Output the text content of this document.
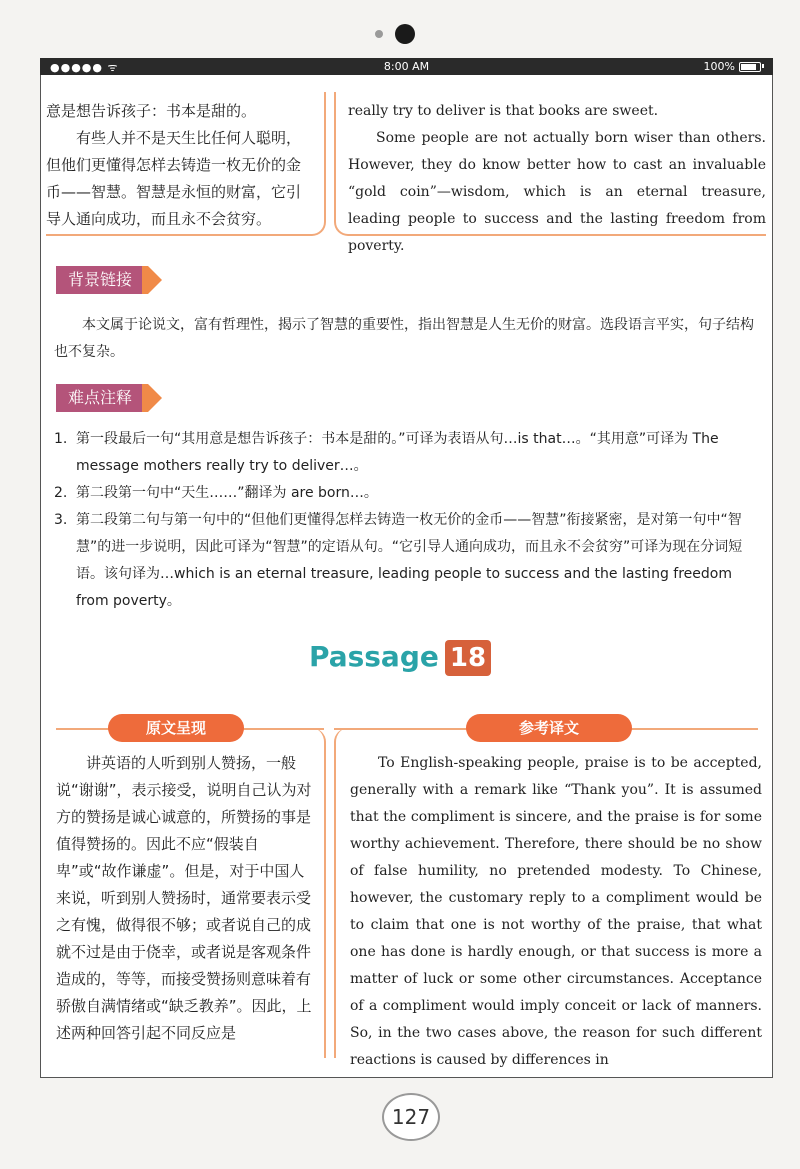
●●●●● ᯤ	8:00 AM	100%

意是想告诉孩子：书本是甜的。

有些人并不是天生比任何人聪明，但他们更懂得怎样去铸造一枚无价的金币——智慧。智慧是永恒的财富，它引导人通向成功，而且永不会贫穷。

really try to deliver is that books are sweet.

Some people are not actually born wiser than others. However, they do know better how to cast an invaluable “gold coin”—wisdom, which is an eternal treasure, leading people to success and the lasting freedom from poverty.

背景链接

本文属于论说文，富有哲理性，揭示了智慧的重要性，指出智慧是人生无价的财富。选段语言平实，句子结构也不复杂。

难点注释
1. 第一段最后一句“其用意是想告诉孩子：书本是甜的。”可译为表语从句…is that…。“其用意”可译为 The message mothers really try to deliver…。
2. 第二段第一句中“天生……”翻译为 are born…。
3. 第二段第二句与第一句中的“但他们更懂得怎样去铸造一枚无价的金币——智慧”衔接紧密，是对第一句中“智慧”的进一步说明，因此可译为“智慧”的定语从句。“它引导人通向成功，而且永不会贫穷”可译为现在分词短语。该句译为…which is an eternal treasure, leading people to success and the lasting freedom from poverty。
Passage 18
原文呈现	参考译文

讲英语的人听到别人赞扬，一般说“谢谢”，表示接受，说明自己认为对方的赞扬是诚心诚意的，所赞扬的事是值得赞扬的。因此不应“假装自卑”或“故作谦虚”。但是，对于中国人来说，听到别人赞扬时，通常要表示受之有愧，做得很不够；或者说自己的成就不过是由于侥幸，或者说是客观条件造成的，等等，而接受赞扬则意味着有骄傲自满情绪或“缺乏教养”。因此，上述两种回答引起不同反应是

To English-speaking people, praise is to be accepted, generally with a remark like “Thank you”. It is assumed that the compliment is sincere, and the praise is for some worthy achievement. Therefore, there should be no show of false humility, no pretended modesty. To Chinese, however, the customary reply to a compliment would be to claim that one is not worthy of the praise, that what one has done is hardly enough, or that success is more a matter of luck or some other circumstances. Acceptance of a compliment would imply conceit or lack of manners. So, in the two cases above, the reason for such different reactions is caused by differences in

127
